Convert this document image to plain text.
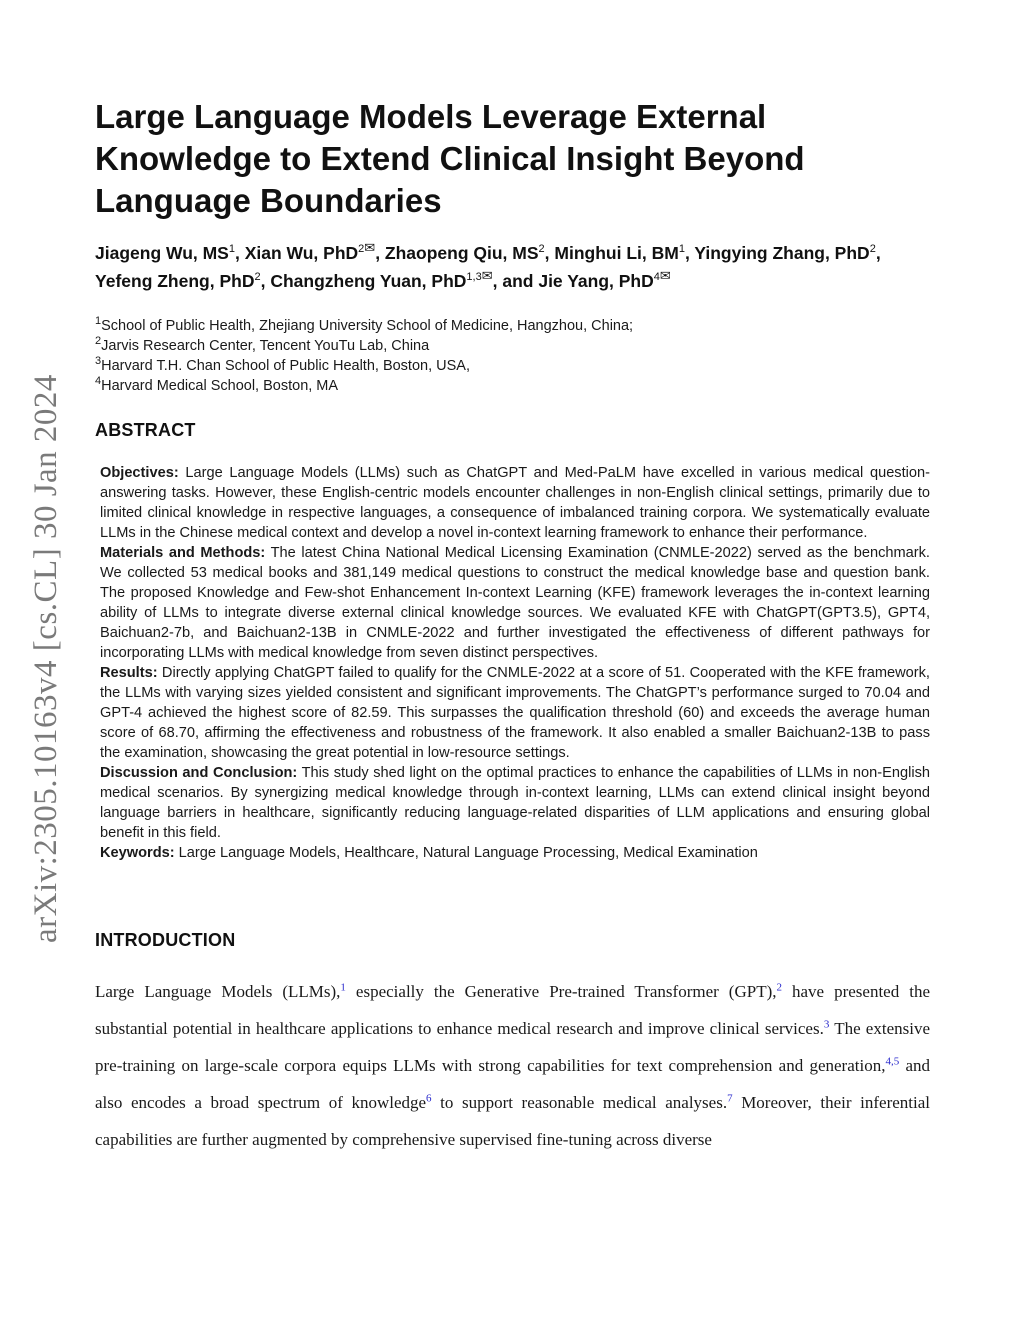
arXiv:2305.10163v4 [cs.CL] 30 Jan 2024
Large Language Models Leverage External Knowledge to Extend Clinical Insight Beyond Language Boundaries
Jiageng Wu, $MS^1$, Xian Wu, PhD$^{2✉}$, Zhaopeng Qiu, $MS^2$, Minghui Li, $BM^1$, Yingying Zhang, PhD$^2$, Yefeng Zheng, PhD$^2$, Changzheng Yuan, PhD$^{1,3✉}$, and Jie Yang, PhD$^{4✉}$
$^1$School of Public Health, Zhejiang University School of Medicine, Hangzhou, China;
$^2$Jarvis Research Center, Tencent YouTu Lab, China
$^3$Harvard T.H. Chan School of Public Health, Boston, USA,
$^4$Harvard Medical School, Boston, MA
ABSTRACT

Objectives: Large Language Models (LLMs) such as ChatGPT and Med-PaLM have excelled in various medical question-answering tasks. However, these English-centric models encounter challenges in non-English clinical settings, primarily due to limited clinical knowledge in respective languages, a consequence of imbalanced training corpora. We systematically evaluate LLMs in the Chinese medical context and develop a novel in-context learning framework to enhance their performance.

Materials and Methods: The latest China National Medical Licensing Examination (CNMLE-2022) served as the benchmark. We collected 53 medical books and 381,149 medical questions to construct the medical knowledge base and question bank. The proposed Knowledge and Few-shot Enhancement In-context Learning (KFE) framework leverages the in-context learning ability of LLMs to integrate diverse external clinical knowledge sources. We evaluated KFE with ChatGPT(GPT3.5), GPT4, Baichuan2-7b, and Baichuan2-13B in CNMLE-2022 and further investigated the effectiveness of different pathways for incorporating LLMs with medical knowledge from seven distinct perspectives.

Results: Directly applying ChatGPT failed to qualify for the CNMLE-2022 at a score of 51. Cooperated with the KFE framework, the LLMs with varying sizes yielded consistent and significant improvements. The ChatGPT’s performance surged to 70.04 and GPT-4 achieved the highest score of 82.59. This surpasses the qualification threshold (60) and exceeds the average human score of 68.70, affirming the effectiveness and robustness of the framework. It also enabled a smaller Baichuan2-13B to pass the examination, showcasing the great potential in low-resource settings.

Discussion and Conclusion: This study shed light on the optimal practices to enhance the capabilities of LLMs in non-English medical scenarios. By synergizing medical knowledge through in-context learning, LLMs can extend clinical insight beyond language barriers in healthcare, significantly reducing language-related disparities of LLM applications and ensuring global benefit in this field.

Keywords: Large Language Models, Healthcare, Natural Language Processing, Medical Examination

INTRODUCTION
Large Language Models (LLMs),$^1$ especially the Generative Pre-trained Transformer (GPT),$^2$ have presented the substantial potential in healthcare applications to enhance medical research and improve clinical services.$^3$ The extensive pre-training on large-scale corpora equips LLMs with strong capabilities for text comprehension and generation,$^{4,5}$ and also encodes a broad spectrum of knowledge$^6$ to support reasonable medical analyses.$^7$ Moreover, their inferential capabilities are further augmented by comprehensive supervised fine-tuning across diverse
